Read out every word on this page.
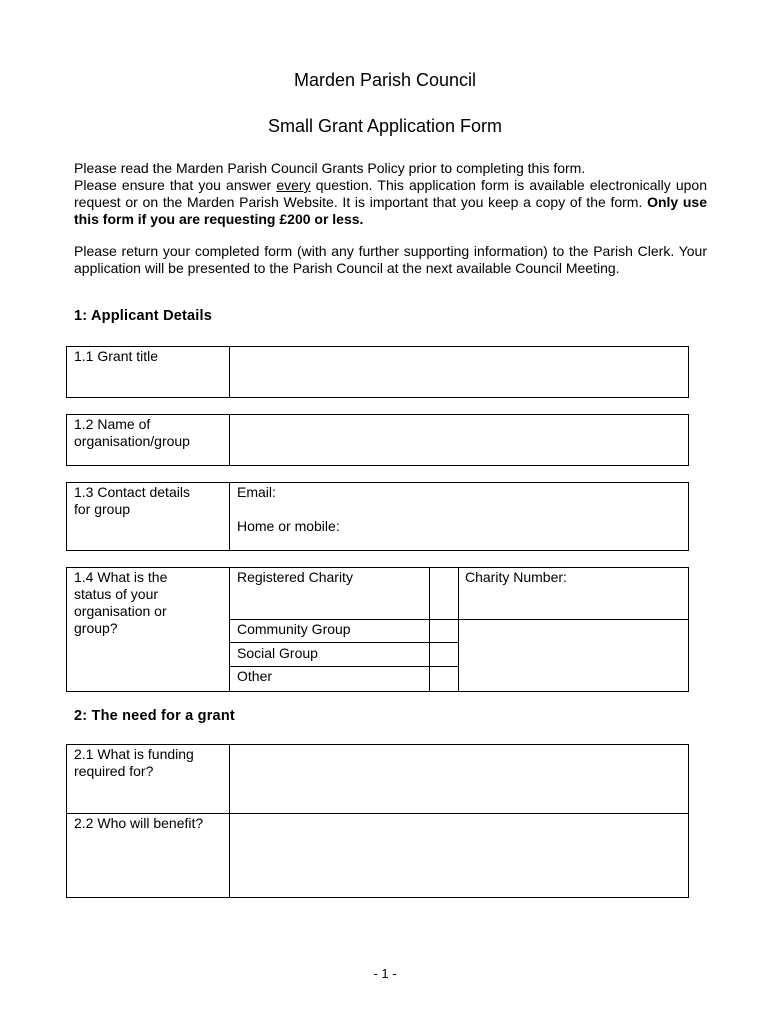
Marden Parish Council
Small Grant Application Form
Please read the Marden Parish Council Grants Policy prior to completing this form.
Please ensure that you answer every question. This application form is available electronically upon request or on the Marden Parish Website. It is important that you keep a copy of the form. Only use this form if you are requesting £200 or less.
Please return your completed form (with any further supporting information) to the Parish Clerk. Your application will be presented to the Parish Council at the next available Council Meeting.
1: Applicant Details
1.1 Grant title
1.2 Name of
organisation/group
1.3 Contact details
for group
Email:
Home or mobile:
1.4 What is the
status of your
organisation or
group?
Registered Charity
Community Group
Social Group
Other
Charity Number:
2: The need for a grant
2.1 What is funding
required for?
2.2 Who will benefit?
- 1 -
